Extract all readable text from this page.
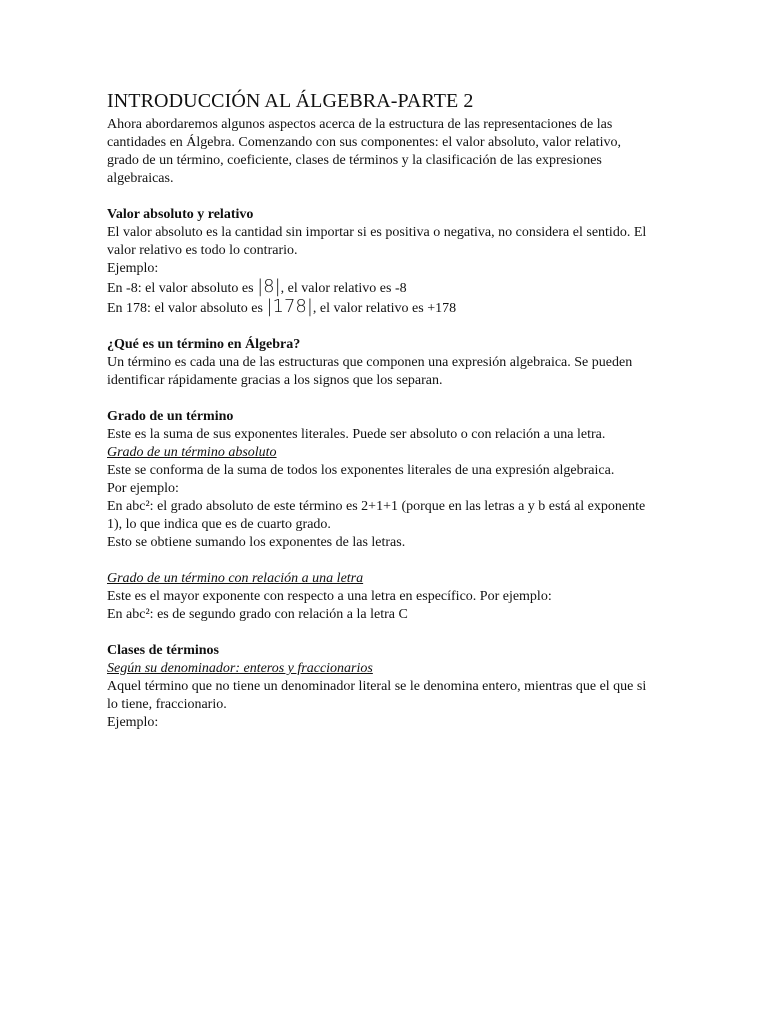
INTRODUCCIÓN AL ÁLGEBRA-PARTE 2

Ahora abordaremos algunos aspectos acerca de la estructura de las representaciones de las cantidades en Álgebra. Comenzando con sus componentes: el valor absoluto, valor relativo, grado de un término, coeficiente, clases de términos y la clasificación de las expresiones algebraicas.

Valor absoluto y relativo

El valor absoluto es la cantidad sin importar si es positiva o negativa, no considera el sentido. El valor relativo es todo lo contrario.

Ejemplo:

En -8: el valor absoluto es |8|, el valor relativo es -8

En 178: el valor absoluto es |178|, el valor relativo es +178

¿Qué es un término en Álgebra?

Un término es cada una de las estructuras que componen una expresión algebraica. Se pueden identificar rápidamente gracias a los signos que los separan.

Grado de un término

Este es la suma de sus exponentes literales. Puede ser absoluto o con relación a una letra.

Grado de un término absoluto

Este se conforma de la suma de todos los exponentes literales de una expresión algebraica.

Por ejemplo:

En abc²: el grado absoluto de este término es 2+1+1 (porque en las letras a y b está al exponente 1), lo que indica que es de cuarto grado.

Esto se obtiene sumando los exponentes de las letras.

Grado de un término con relación a una letra

Este es el mayor exponente con respecto a una letra en específico. Por ejemplo:

En abc²: es de segundo grado con relación a la letra C

Clases de términos

Según su denominador: enteros y fraccionarios

Aquel término que no tiene un denominador literal se le denomina entero, mientras que el que si lo tiene, fraccionario.

Ejemplo:
